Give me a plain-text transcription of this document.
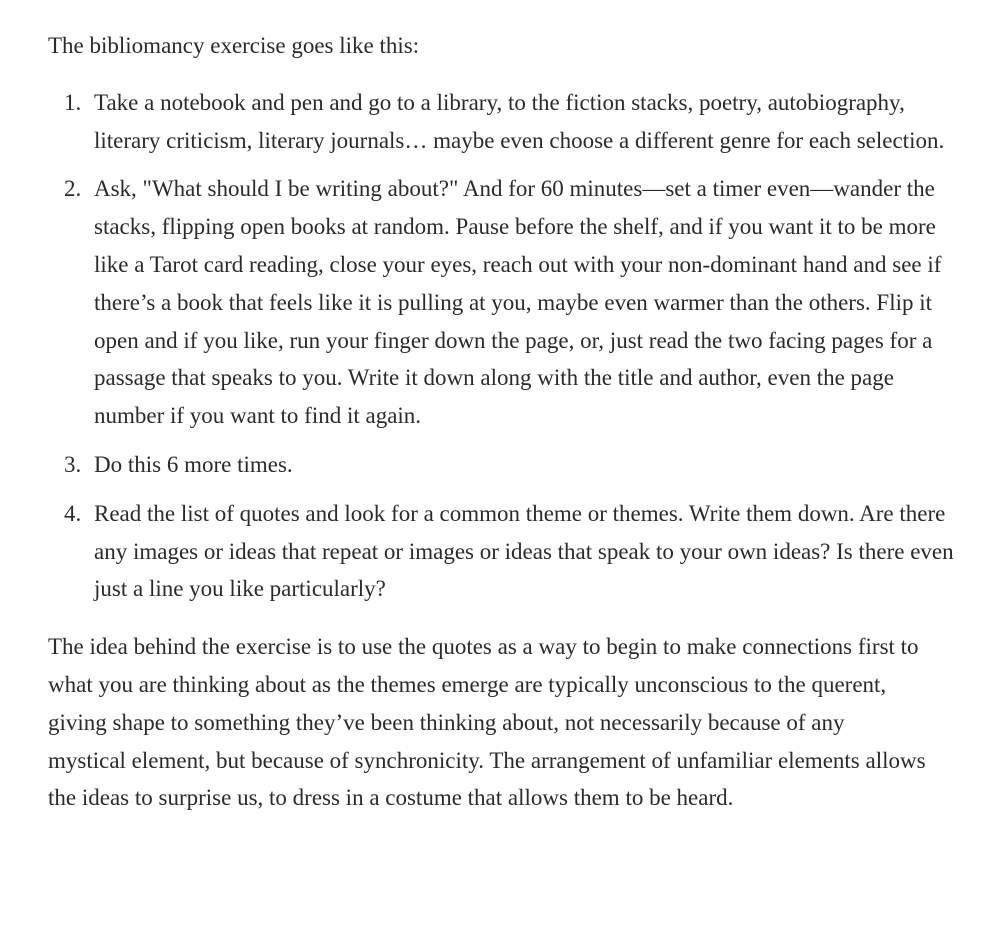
The bibliomancy exercise goes like this:

1. Take a notebook and pen and go to a library, to the fiction stacks, poetry, autobiography, literary criticism, literary journals… maybe even choose a different genre for each selection.
2. Ask, "What should I be writing about?" And for 60 minutes—set a timer even—wander the stacks, flipping open books at random. Pause before the shelf, and if you want it to be more like a Tarot card reading, close your eyes, reach out with your non-dominant hand and see if there’s a book that feels like it is pulling at you, maybe even warmer than the others. Flip it open and if you like, run your finger down the page, or, just read the two facing pages for a passage that speaks to you. Write it down along with the title and author, even the page number if you want to find it again.
3. Do this 6 more times.
4. Read the list of quotes and look for a common theme or themes. Write them down. Are there any images or ideas that repeat or images or ideas that speak to your own ideas? Is there even just a line you like particularly?

The idea behind the exercise is to use the quotes as a way to begin to make connections first to what you are thinking about as the themes emerge are typically unconscious to the querent, giving shape to something they’ve been thinking about, not necessarily because of any mystical element, but because of synchronicity. The arrangement of unfamiliar elements allows the ideas to surprise us, to dress in a costume that allows them to be heard.
